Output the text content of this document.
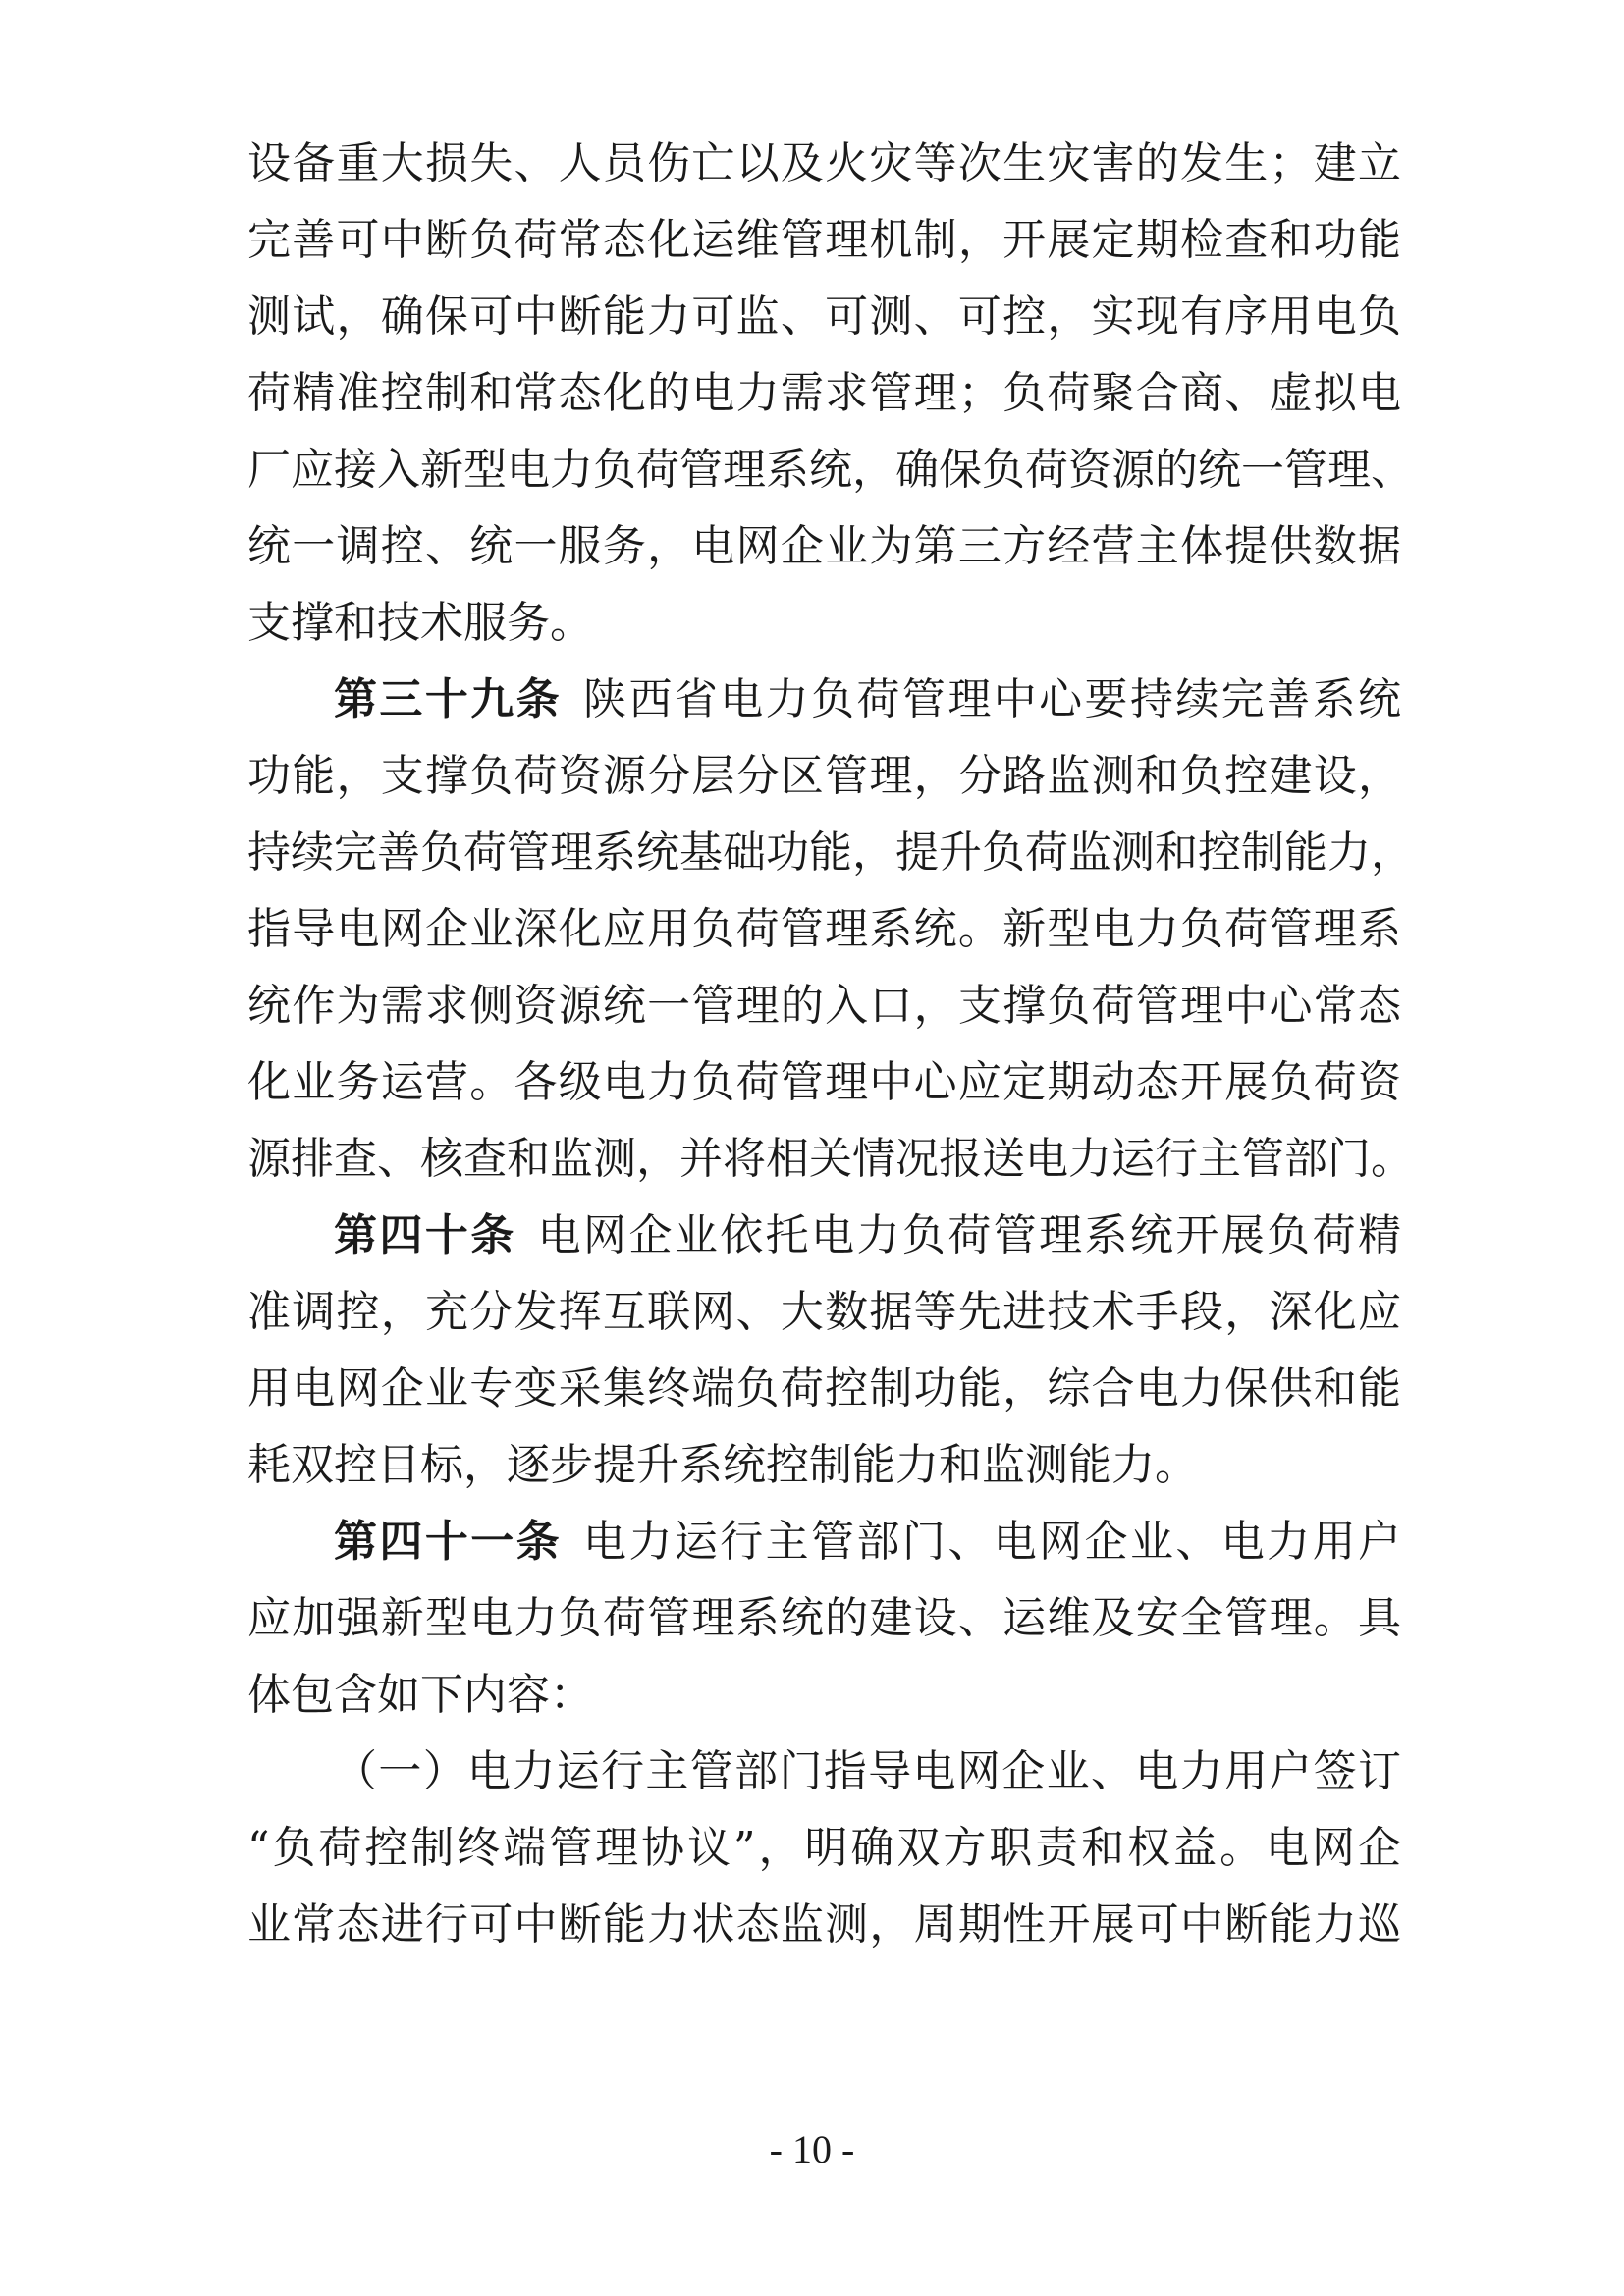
设备重大损失、人员伤亡以及火灾等次生灾害的发生；建立
完善可中断负荷常态化运维管理机制，开展定期检查和功能
测试，确保可中断能力可监、可测、可控，实现有序用电负
荷精准控制和常态化的电力需求管理；负荷聚合商、虚拟电
厂应接入新型电力负荷管理系统，确保负荷资源的统一管理、
统一调控、统一服务，电网企业为第三方经营主体提供数据
支撑和技术服务。
第三十九条 陕西省电力负荷管理中心要持续完善系统
功能，支撑负荷资源分层分区管理，分路监测和负控建设，
持续完善负荷管理系统基础功能，提升负荷监测和控制能力，
指导电网企业深化应用负荷管理系统。新型电力负荷管理系
统作为需求侧资源统一管理的入口，支撑负荷管理中心常态
化业务运营。各级电力负荷管理中心应定期动态开展负荷资
源排查、核查和监测，并将相关情况报送电力运行主管部门。
第四十条 电网企业依托电力负荷管理系统开展负荷精
准调控，充分发挥互联网、大数据等先进技术手段，深化应
用电网企业专变采集终端负荷控制功能，综合电力保供和能
耗双控目标，逐步提升系统控制能力和监测能力。
第四十一条 电力运行主管部门、电网企业、电力用户
应加强新型电力负荷管理系统的建设、运维及安全管理。具
体包含如下内容：
（一）电力运行主管部门指导电网企业、电力用户签订
“负荷控制终端管理协议”，明确双方职责和权益。电网企
业常态进行可中断能力状态监测，周期性开展可中断能力巡
- 10 -
